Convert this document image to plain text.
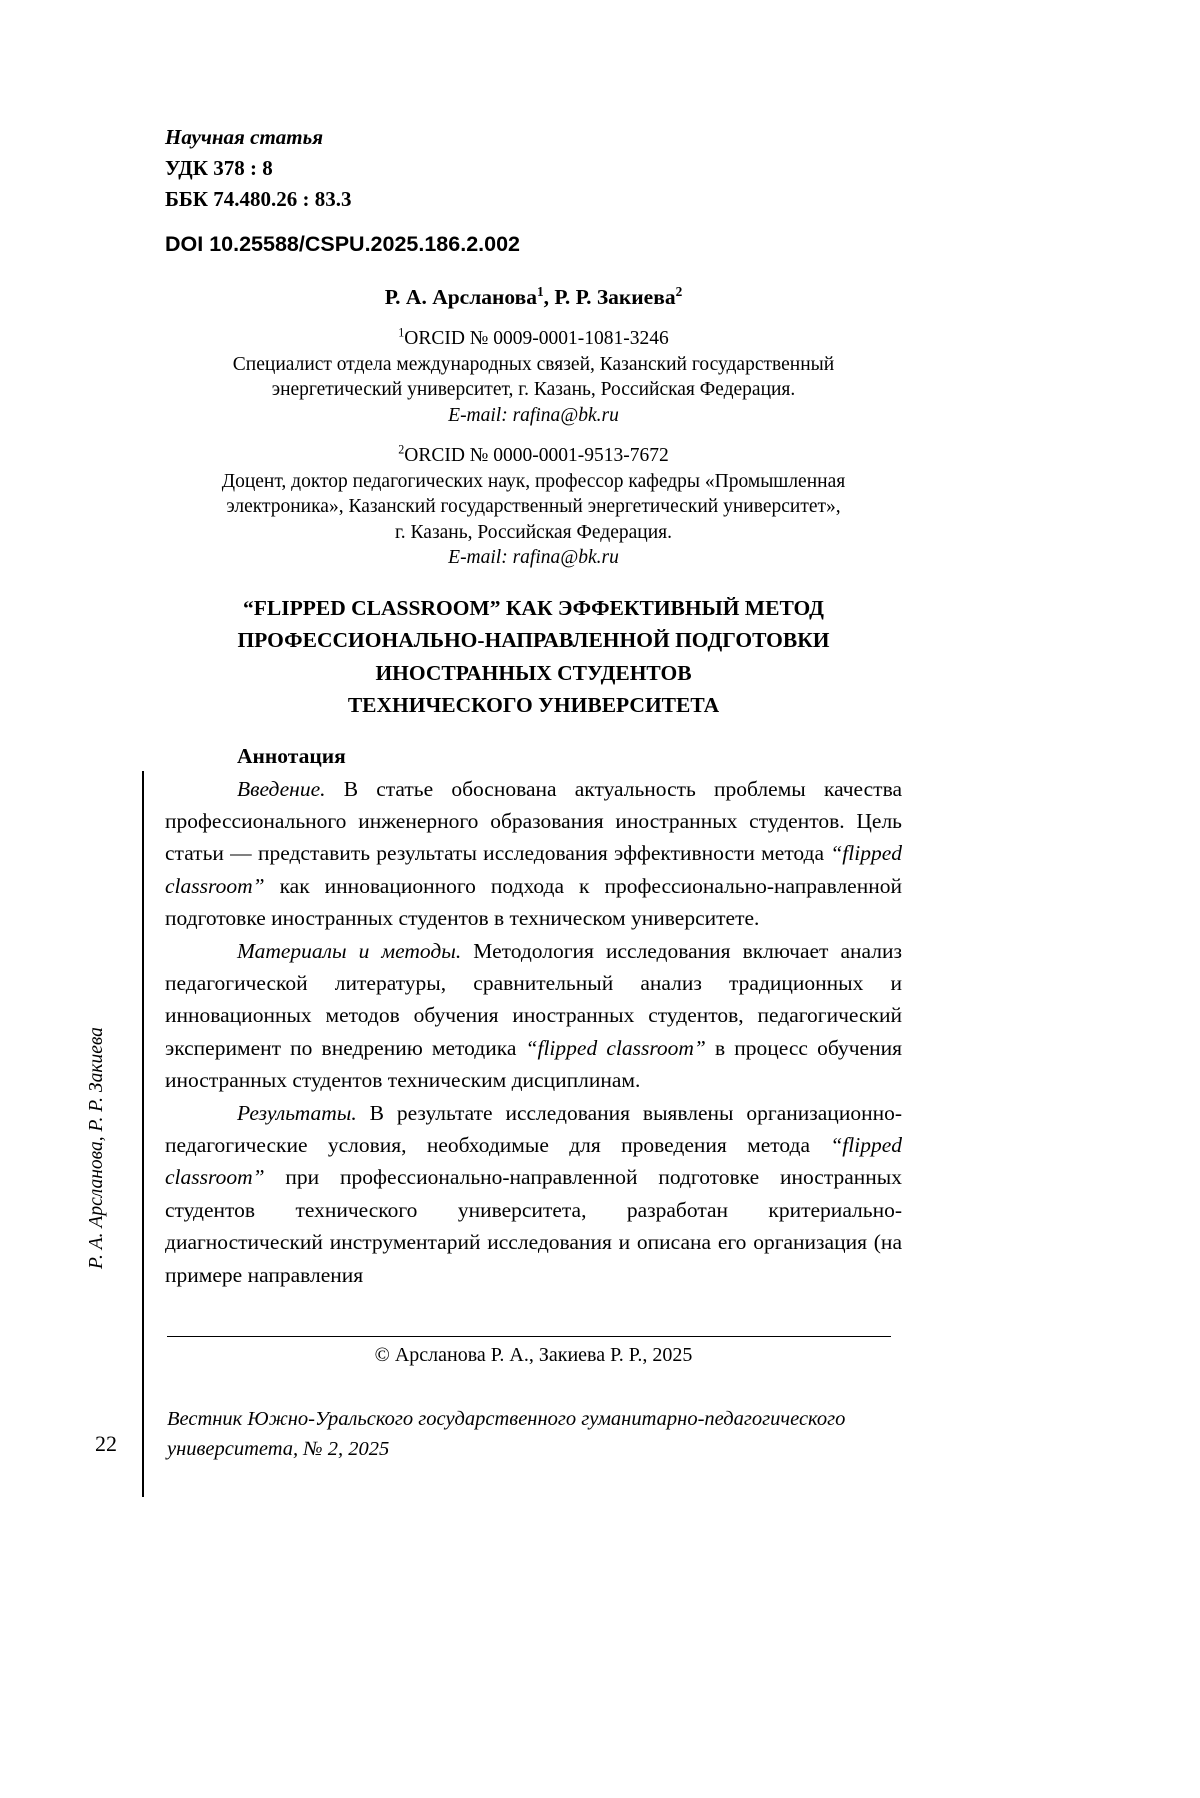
Научная статья
УДК 378 : 8
ББК 74.480.26 : 83.3
DOI 10.25588/CSPU.2025.186.2.002
Р. А. Арсланова$^1$, Р. Р. Закиева$^2$
$^1$ORCID № 0009-0001-1081-3246
Специалист отдела международных связей, Казанский государственный
энергетический университет, г. Казань, Российская Федерация.
E-mail: rafina@bk.ru
$^2$ORCID № 0000-0001-9513-7672
Доцент, доктор педагогических наук, профессор кафедры «Промышленная
электроника», Казанский государственный энергетический университет»,
г. Казань, Российская Федерация.
E-mail: rafina@bk.ru
“FLIPPED CLASSROOM” КАК ЭФФЕКТИВНЫЙ МЕТОД
ПРОФЕССИОНАЛЬНО-НАПРАВЛЕННОЙ ПОДГОТОВКИ
ИНОСТРАННЫХ СТУДЕНТОВ
ТЕХНИЧЕСКОГО УНИВЕРСИТЕТА
Аннотация
Введение. В статье обоснована актуальность проблемы качества профессионального инженерного образования иностранных студентов. Цель статьи — представить результаты исследования эффективности метода “flipped classroom” как инновационного подхода к профессионально-направленной подготовке иностранных студентов в техническом университете.
Материалы и методы. Методология исследования включает анализ педагогической литературы, сравнительный анализ традиционных и инновационных методов обучения иностранных студентов, педагогический эксперимент по внедрению методика “flipped classroom” в процесс обучения иностранных студентов техническим дисциплинам.
Результаты. В результате исследования выявлены организационно-педагогические условия, необходимые для проведения метода “flipped classroom” при профессионально-направленной подготовке иностранных студентов технического университета, разработан критериально-диагностический инструментарий исследования и описана его организация (на примере направления
© Арсланова Р. А., Закиева Р. Р., 2025
Вестник Южно-Уральского государственного гуманитарно-педагогического
университета, № 2, 2025
22
Р. А. Арсланова, Р. Р. Закиева
